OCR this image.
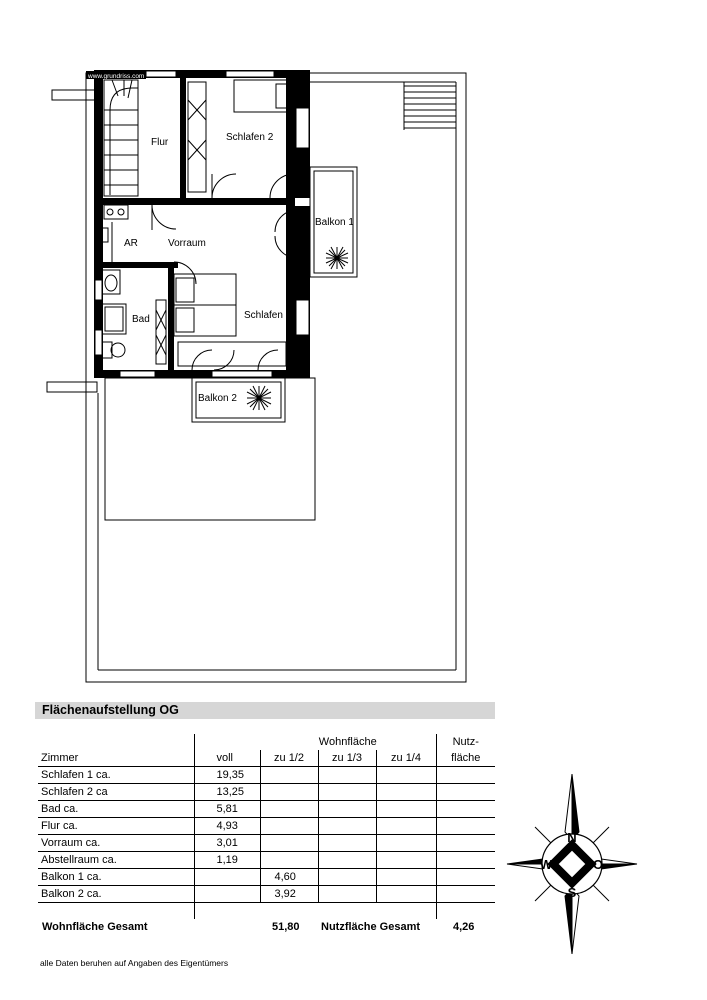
www.grundriss.com
Flur	Schlafen 2
Balkon 1
AR	Vorraum
Bad	Schlafen 1
Balkon 2
Flächenaufstellung OG
		Wohnfläche			Nutz-
Zimmer	voll	zu 1/2	zu 1/3	zu 1/4	fläche
Schlafen 1 ca.	19,35				
Schlafen 2 ca	13,25				
Bad ca.	5,81				
Flur ca.	4,93				
Vorraum ca.	3,01				
Abstellraum ca.	1,19				
Balkon 1 ca.		4,60			
Balkon 2 ca.		3,92			

Wohnfläche Gesamt	51,80 Nutzfläche Gesamt	4,26
alle Daten beruhen auf Angaben des Eigentümers
N
S
W	O
